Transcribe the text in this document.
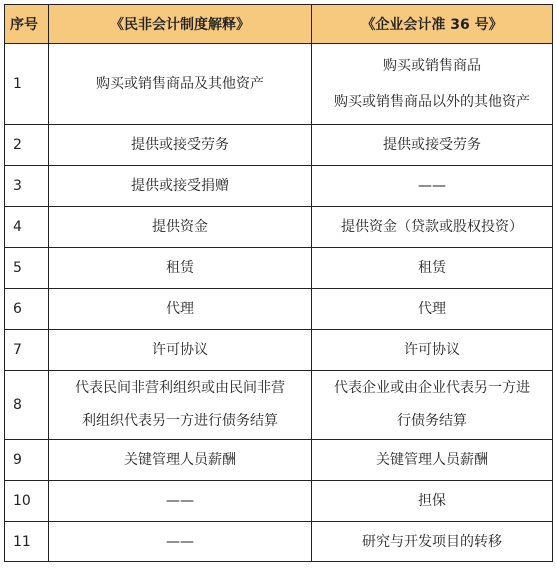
序号	《民非会计制度解释》	《企业会计准 36 号》
1	购买或销售商品及其他资产	购买或销售商品
购买或销售商品以外的其他资产

2	提供或接受劳务	提供或接受劳务
3	提供或接受捐赠	——
4	提供资金	提供资金（贷款或股权投资）
5	租赁	租赁
6	代理	代理
7	许可协议	许可协议
8	代表民间非营利组织或由民间非营
利组织代表另一方进行债务结算	代表企业或由企业代表另一方进
行债务结算

9	关键管理人员薪酬	关键管理人员薪酬
10	——	担保
11	——	研究与开发项目的转移
